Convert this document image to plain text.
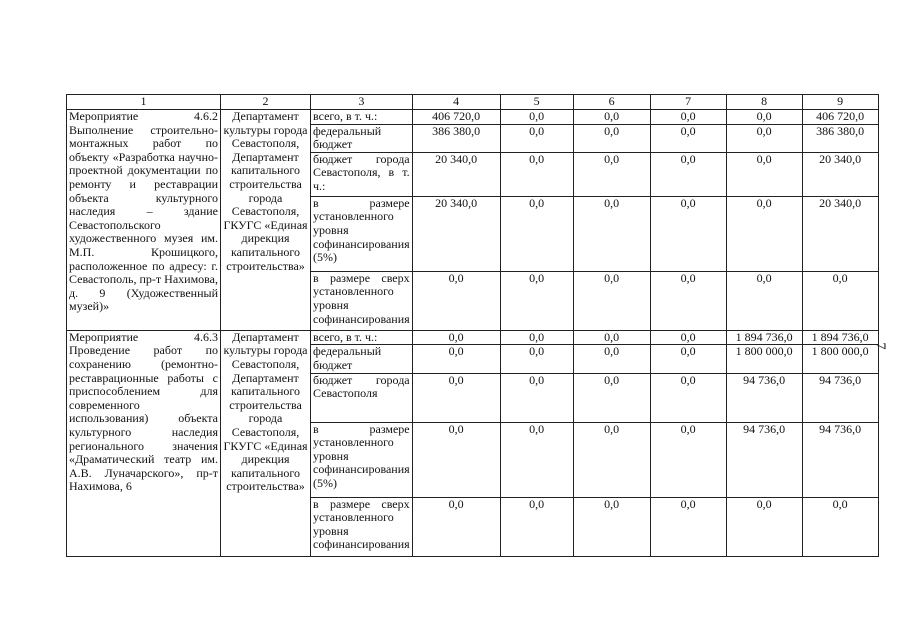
1	2	3	4	5	6	7	8	9
Мероприятие 4.6.2 Выполнение строительно-монтажных работ по объекту «Разработка научно-проектной документации по ремонту и реставрации объекта культурного наследия – здание Севастопольского художественного музея им. М.П. Крошицкого, расположенное по адресу: г. Севастополь, пр-т Нахимова, д. 9 (Художественный музей)»	Департамент культуры города Севастополя, Департамент капитального строительства города Севастополя, ГКУГС «Единая дирекция капитального строительства»	всего, в т. ч.:	406 720,0	0,0	0,0	0,0	0,0	406 720,0
		федеральный бюджет	386 380,0	0,0	0,0	0,0	0,0	386 380,0
		бюджет города Севастополя, в т. ч.:	20 340,0	0,0	0,0	0,0	0,0	20 340,0
		в размере установленного уровня софинансирования (5%)	20 340,0	0,0	0,0	0,0	0,0	20 340,0
		в размере сверх установленного уровня софинансирования	0,0	0,0	0,0	0,0	0,0	0,0
Мероприятие 4.6.3 Проведение работ по сохранению (ремонтно-реставрационные работы с приспособлением для современного использования) объекта культурного наследия регионального значения «Драматический театр им. А.В. Луначарского», пр-т Нахимова, 6	Департамент культуры города Севастополя, Департамент капитального строительства города Севастополя, ГКУГС «Единая дирекция капитального строительства»	всего, в т. ч.:	0,0	0,0	0,0	0,0	1 894 736,0	1 894 736,0
		федеральный бюджет	0,0	0,0	0,0	0,0	1 800 000,0	1 800 000,0
		бюджет города Севастополя	0,0	0,0	0,0	0,0	94 736,0	94 736,0
		в размере установленного уровня софинансирования (5%)	0,0	0,0	0,0	0,0	94 736,0	94 736,0
		в размере сверх установленного уровня софинансирования	0,0	0,0	0,0	0,0	0,0	0,0
7
